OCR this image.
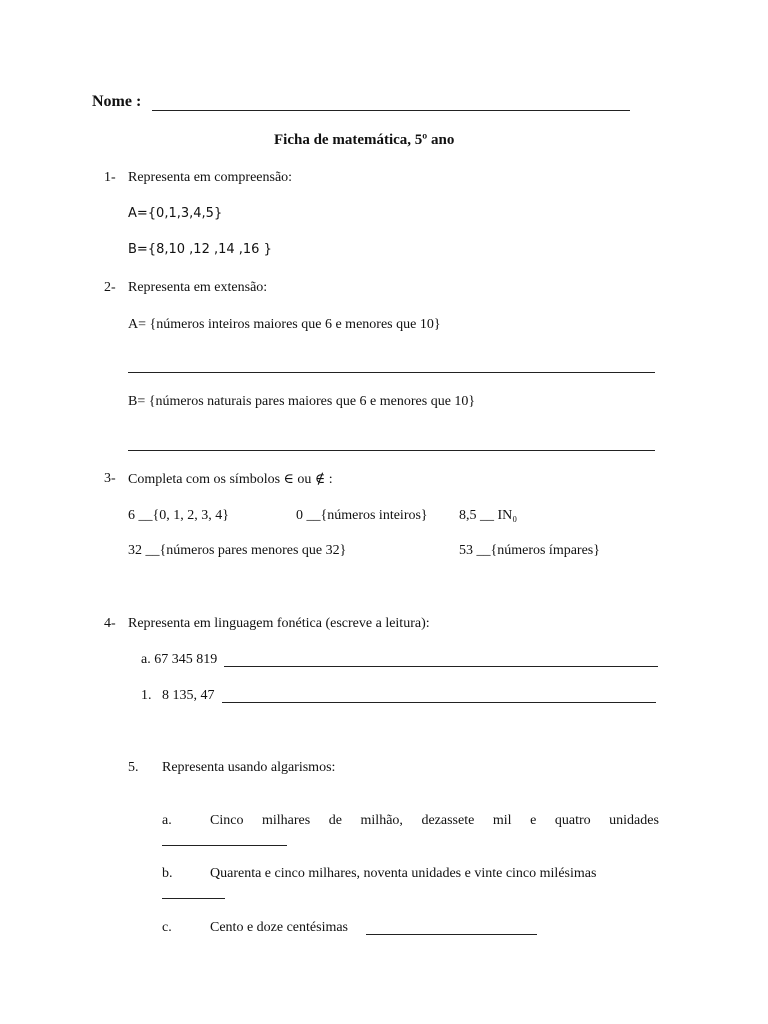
Nome :
Ficha de matemática, 5º ano
1- Representa em compreensão:
A={0,1,3,4,5}
B={8,10 ,12 ,14 ,16 }
2- Representa em extensão:
A= {números inteiros maiores que 6 e menores que 10}
B= {números naturais pares maiores que 6 e menores que 10}
3- Completa com os símbolos ∈ ou ∉ :
6 __{0, 1, 2, 3, 4}	0 __{números inteiros} 8,5 __ IN₀
32 __{números pares menores que 32}	53 __{números ímpares}
4- Representa em linguagem fonética (escreve a leitura):
a. 67 345 819
1. 8 135, 47
5. Representa usando algarismos:
a.	Cinco milhares de milhão, dezassete mil e quatro unidades
b.	Quarenta e cinco milhares, noventa unidades e vinte cinco milésimas
c.	Cento e doze centésimas
